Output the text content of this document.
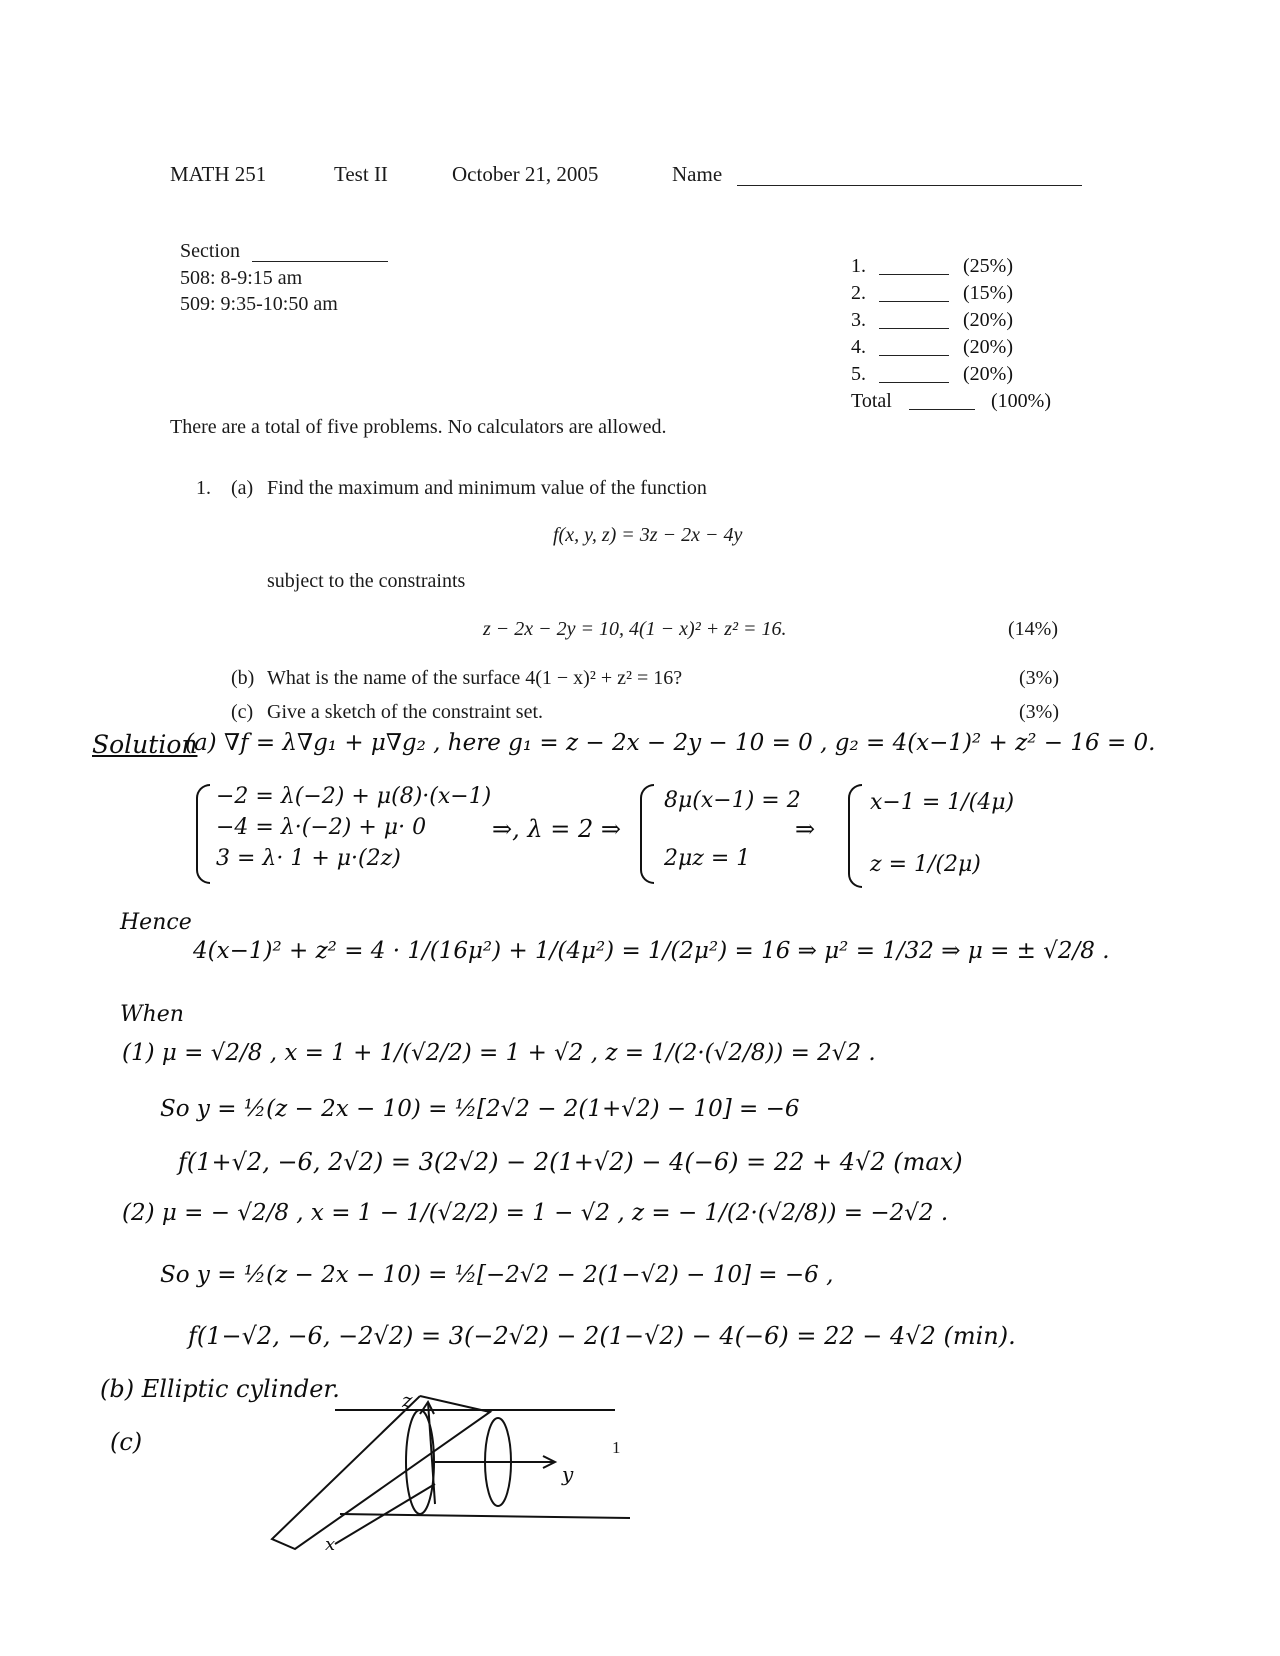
MATH 251	Test II	October 21, 2005	Name
Section
508: 8-9:15 am
509: 9:35-10:50 am
1.	(25%)
2.	(15%)
3.	(20%)
4.	(20%)
5.	(20%)
Total	(100%)
There are a total of five problems. No calculators are allowed.
1. (a) Find the maximum and minimum value of the function
f(x, y, z) = 3z − 2x − 4y
subject to the constraints
z − 2x − 2y = 10, 4(1 − x)² + z² = 16.	(14%)
(b) What is the name of the surface 4(1 − x)² + z² = 16?	(3%)
(c) Give a sketch of the constraint set.	(3%)
Solution
(a) ∇f = λ∇g₁ + μ∇g₂ , here g₁ = z − 2x − 2y − 10 = 0 , g₂ = 4(x−1)² + z² − 16 = 0.
−2 = λ(−2) + μ(8)·(x−1)
−4 = λ·(−2) + μ· 0
3 = λ· 1 + μ·(2z)
⇒, λ = 2 ⇒
8μ(x−1) = 2
2μz = 1
⇒
x−1 = 1/(4μ)
z = 1/(2μ)
Hence
4(x−1)² + z² = 4 · 1/(16μ²) + 1/(4μ²) = 1/(2μ²) = 16 ⇒ μ² = 1/32 ⇒ μ = ± √2/8 .
When
(1) μ = √2/8 , x = 1 + 1/(√2/2) = 1 + √2 , z = 1/(2·(√2/8)) = 2√2 .
So y = ½(z − 2x − 10) = ½[2√2 − 2(1+√2) − 10] = −6
f(1+√2, −6, 2√2) = 3(2√2) − 2(1+√2) − 4(−6) = 22 + 4√2 (max)
(2) μ = − √2/8 , x = 1 − 1/(√2/2) = 1 − √2 , z = − 1/(2·(√2/8)) = −2√2 .
So y = ½(z − 2x − 10) = ½[−2√2 − 2(1−√2) − 10] = −6 ,
f(1−√2, −6, −2√2) = 3(−2√2) − 2(1−√2) − 4(−6) = 22 − 4√2 (min).
(b) Elliptic cylinder.
(c)
z
y
x
1
